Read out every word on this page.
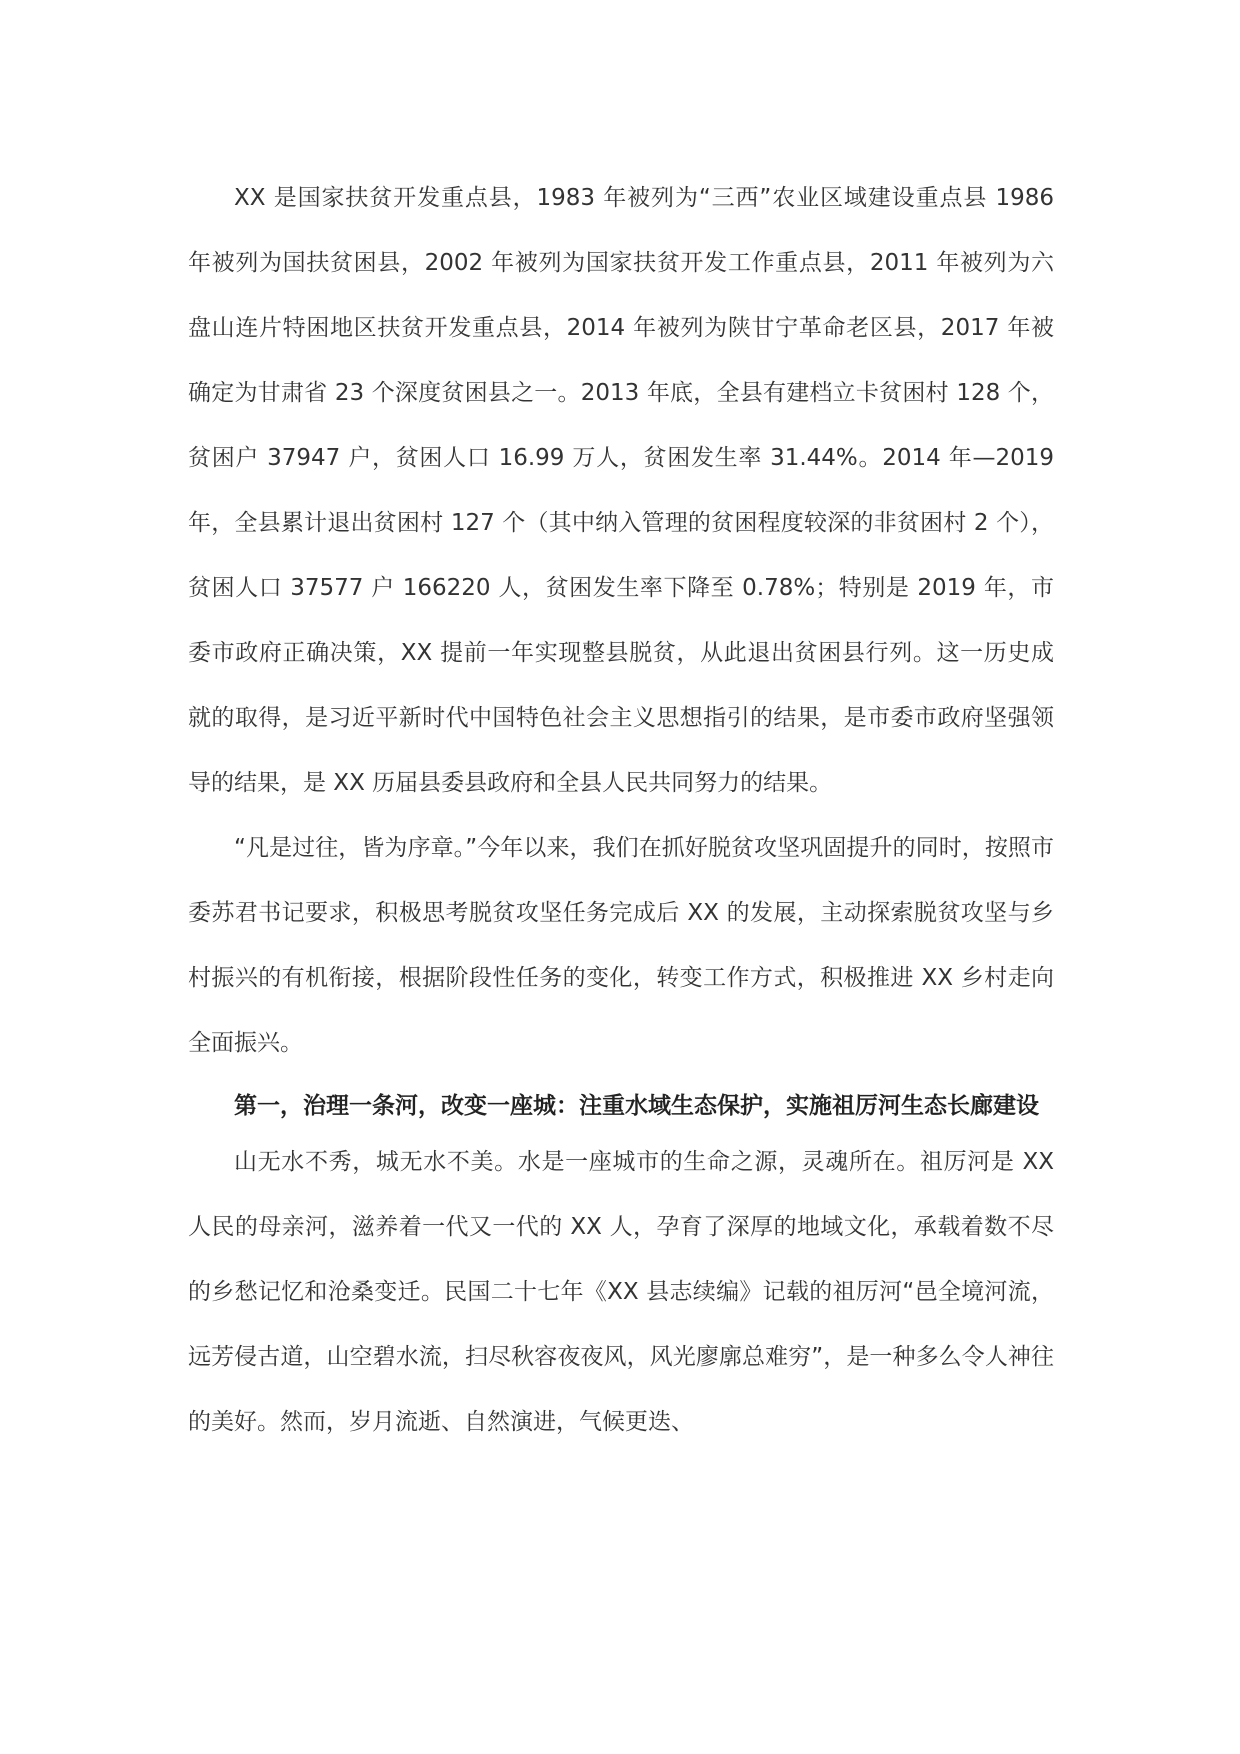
XX 是国家扶贫开发重点县，1983 年被列为“三西”农业区域建设重点县 1986 年被列为国扶贫困县，2002 年被列为国家扶贫开发工作重点县，2011 年被列为六盘山连片特困地区扶贫开发重点县，2014 年被列为陕甘宁革命老区县，2017 年被确定为甘肃省 23 个深度贫困县之一。2013 年底，全县有建档立卡贫困村 128 个，贫困户 37947 户，贫困人口 16.99 万人，贫困发生率 31.44%。2014 年—2019 年，全县累计退出贫困村 127 个（其中纳入管理的贫困程度较深的非贫困村 2 个），贫困人口 37577 户 166220 人，贫困发生率下降至 0.78%；特别是 2019 年，市委市政府正确决策，XX 提前一年实现整县脱贫，从此退出贫困县行列。这一历史成就的取得，是习近平新时代中国特色社会主义思想指引的结果，是市委市政府坚强领导的结果，是 XX 历届县委县政府和全县人民共同努力的结果。

“凡是过往，皆为序章。”今年以来，我们在抓好脱贫攻坚巩固提升的同时，按照市委苏君书记要求，积极思考脱贫攻坚任务完成后 XX 的发展，主动探索脱贫攻坚与乡村振兴的有机衔接，根据阶段性任务的变化，转变工作方式，积极推进 XX 乡村走向全面振兴。

第一，治理一条河，改变一座城：注重水域生态保护，实施祖厉河生态长廊建设

山无水不秀，城无水不美。水是一座城市的生命之源，灵魂所在。祖厉河是 XX 人民的母亲河，滋养着一代又一代的 XX 人，孕育了深厚的地域文化，承载着数不尽的乡愁记忆和沧桑变迁。民国二十七年《XX 县志续编》记载的祖厉河“邑全境河流，远芳侵古道，山空碧水流，扫尽秋容夜夜风，风光廖廓总难穷”，是一种多么令人神往的美好。然而，岁月流逝、自然演进，气候更迭、
